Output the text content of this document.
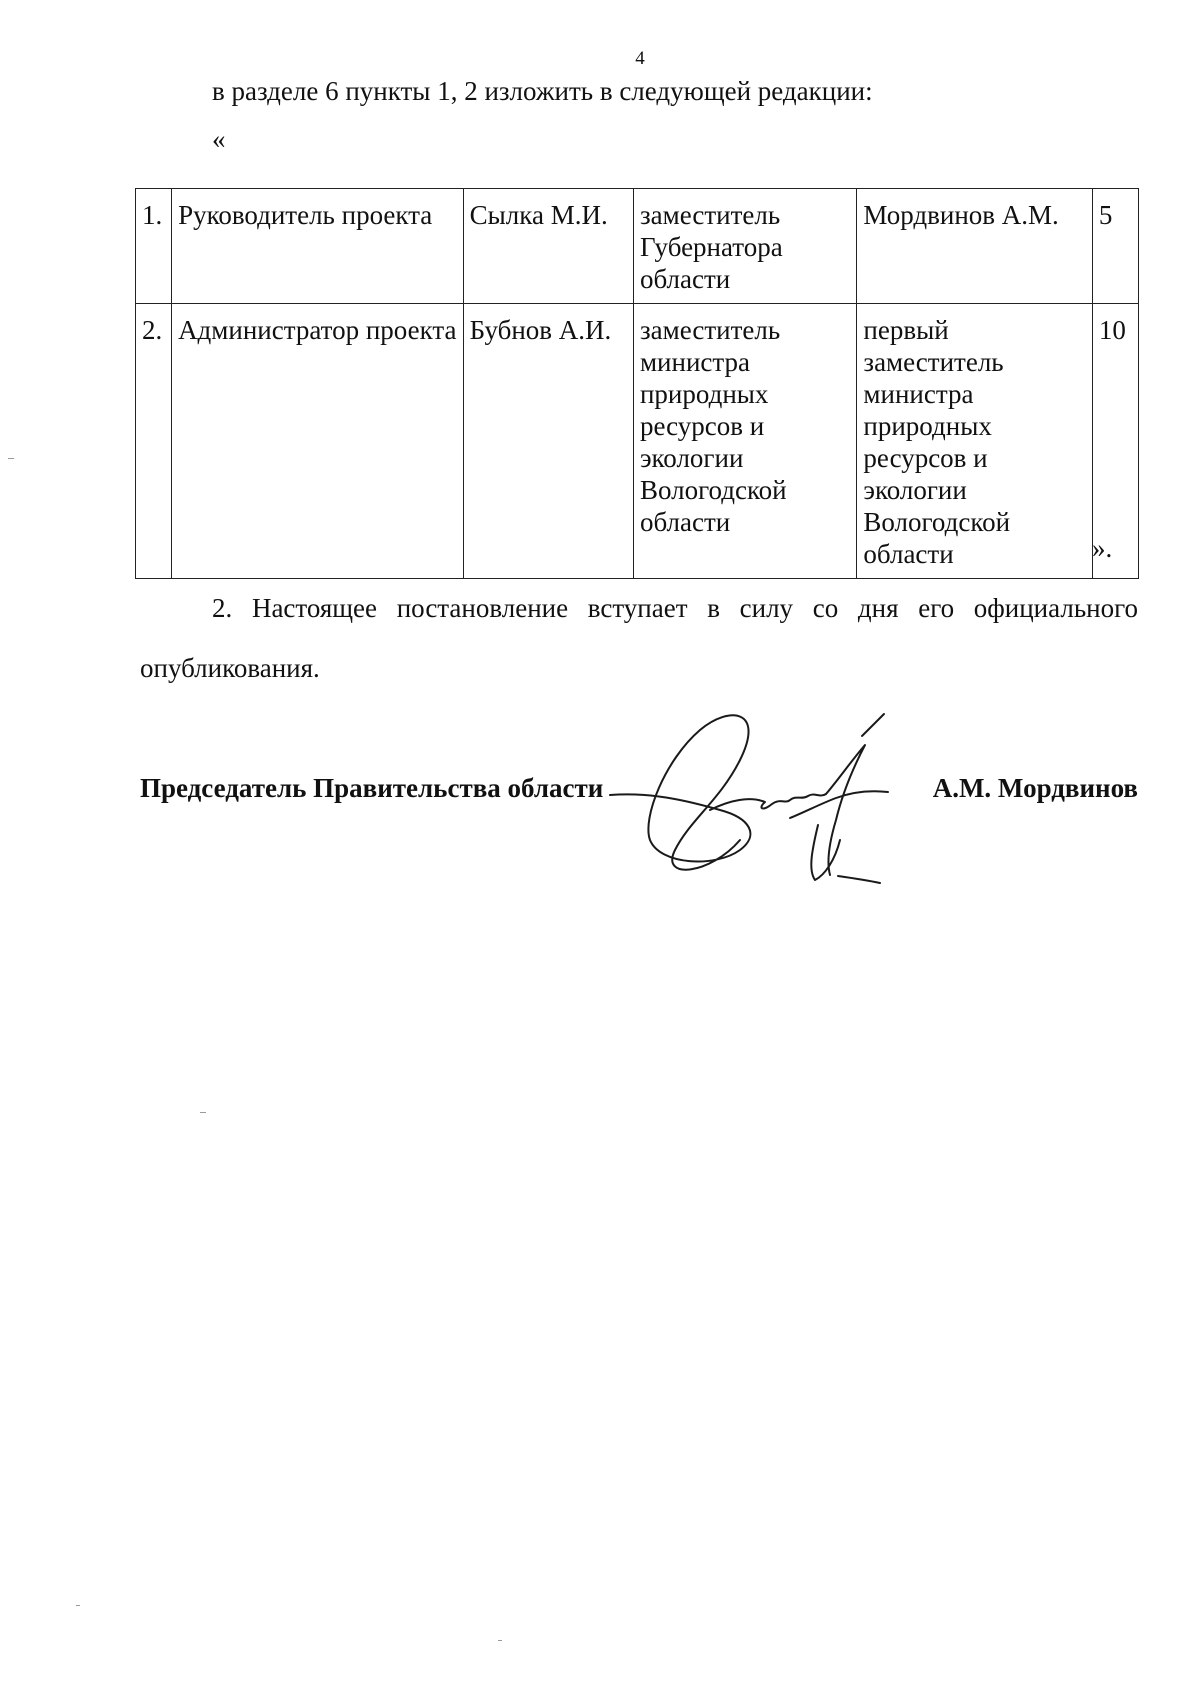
4
в разделе 6 пункты 1, 2 изложить в следующей редакции:
«
1.	Руководитель проекта	Сылка М.И.	заместитель Губернатора области	Мордвинов А.М.	5
2.	Администратор проекта	Бубнов А.И.	заместитель министра природных ресурсов и экологии Вологодской области	первый заместитель министра природных ресурсов и экологии Вологодской области	10
».
2. Настоящее постановление вступает в силу со дня его официального опубликования.
Председатель Правительства области	А.М. Мордвинов
